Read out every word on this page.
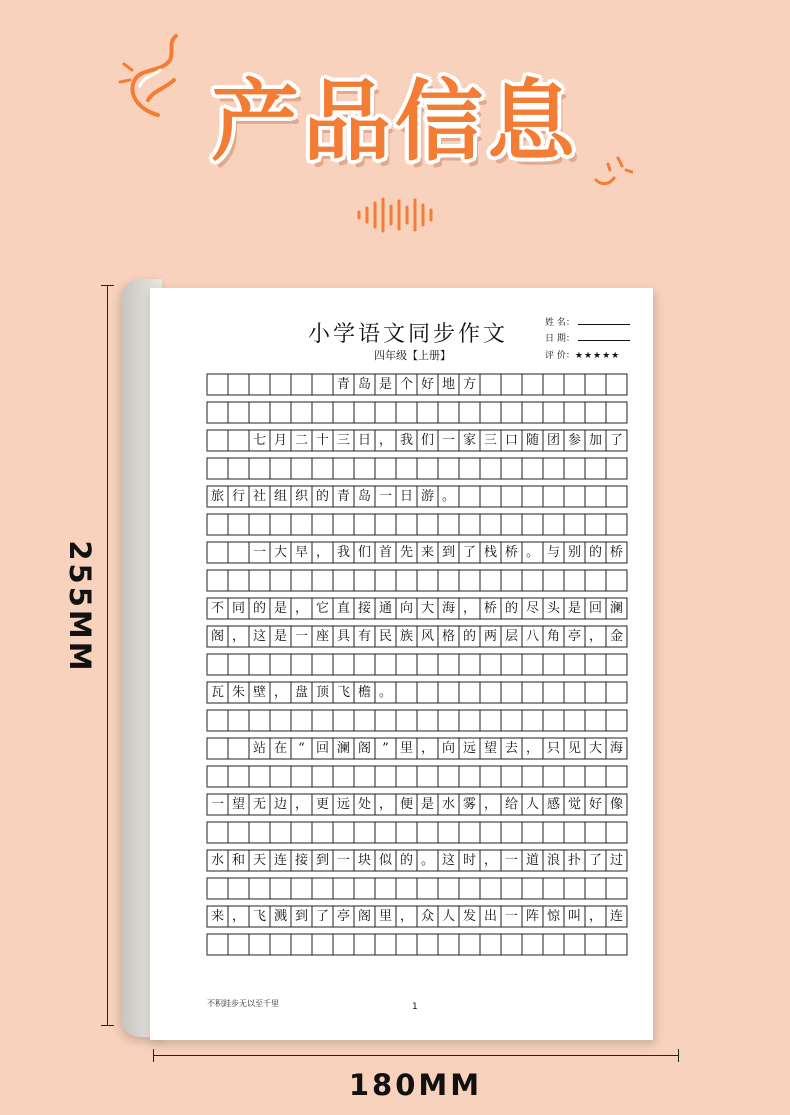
产品信息
255MM
小学语文同步作文
四年级【上册】
姓 名：
日 期：
评 价：★★★★★
青 岛 是 个 好 地 方
七 月 二 十 三 日 ， 我 们 一 家 三 口 随 团 参 加 了
旅 行 社 组 织 的 青 岛 一 日 游 。
一 大 早 ， 我 们 首 先 来 到 了 栈 桥 。 与 别 的 桥
不 同 的 是 ， 它 直 接 通 向 大 海 ， 桥 的 尽 头 是 回 澜
阁 ， 这 是 一 座 具 有 民 族 风 格 的 两 层 八 角 亭 ， 金
瓦 朱 壁 ， 盘 顶 飞 檐 。
站 在 “ 回 澜 阁 ” 里 ， 向 远 望 去 ， 只 见 大 海
一 望 无 边 ， 更 远 处 ， 便 是 水 雾 ， 给 人 感 觉 好 像
水 和 天 连 接 到 一 块 似 的 。 这 时 ， 一 道 浪 扑 了 过
来 ， 飞 溅 到 了 亭 阁 里 ， 众 人 发 出 一 阵 惊 叫 ， 连
不积跬步无以至千里	1
180MM
